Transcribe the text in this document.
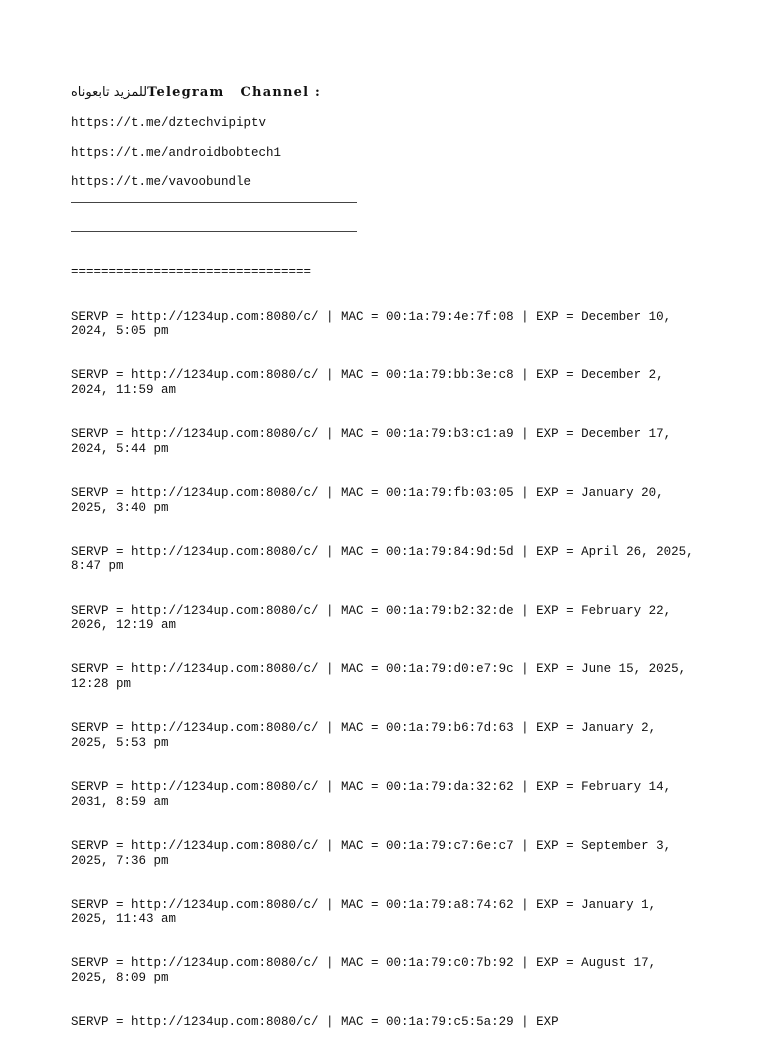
للمزيد تابعوناهTelegram Channel :
https://t.me/dztechvipiptv
https://t.me/androidbobtech1
https://t.me/vavoobundle

================================

SERVP = http://1234up.com:8080/c/ | MAC = 00:1a:79:4e:7f:08 | EXP = December 10,
2024, 5:05 pm

SERVP = http://1234up.com:8080/c/ | MAC = 00:1a:79:bb:3e:c8 | EXP = December 2,
2024, 11:59 am

SERVP = http://1234up.com:8080/c/ | MAC = 00:1a:79:b3:c1:a9 | EXP = December 17,
2024, 5:44 pm

SERVP = http://1234up.com:8080/c/ | MAC = 00:1a:79:fb:03:05 | EXP = January 20,
2025, 3:40 pm

SERVP = http://1234up.com:8080/c/ | MAC = 00:1a:79:84:9d:5d | EXP = April 26, 2025,
8:47 pm

SERVP = http://1234up.com:8080/c/ | MAC = 00:1a:79:b2:32:de | EXP = February 22,
2026, 12:19 am

SERVP = http://1234up.com:8080/c/ | MAC = 00:1a:79:d0:e7:9c | EXP = June 15, 2025,
12:28 pm

SERVP = http://1234up.com:8080/c/ | MAC = 00:1a:79:b6:7d:63 | EXP = January 2,
2025, 5:53 pm

SERVP = http://1234up.com:8080/c/ | MAC = 00:1a:79:da:32:62 | EXP = February 14,
2031, 8:59 am

SERVP = http://1234up.com:8080/c/ | MAC = 00:1a:79:c7:6e:c7 | EXP = September 3,
2025, 7:36 pm

SERVP = http://1234up.com:8080/c/ | MAC = 00:1a:79:a8:74:62 | EXP = January 1,
2025, 11:43 am

SERVP = http://1234up.com:8080/c/ | MAC = 00:1a:79:c0:7b:92 | EXP = August 17,
2025, 8:09 pm

SERVP = http://1234up.com:8080/c/ | MAC = 00:1a:79:c5:5a:29 | EXP
